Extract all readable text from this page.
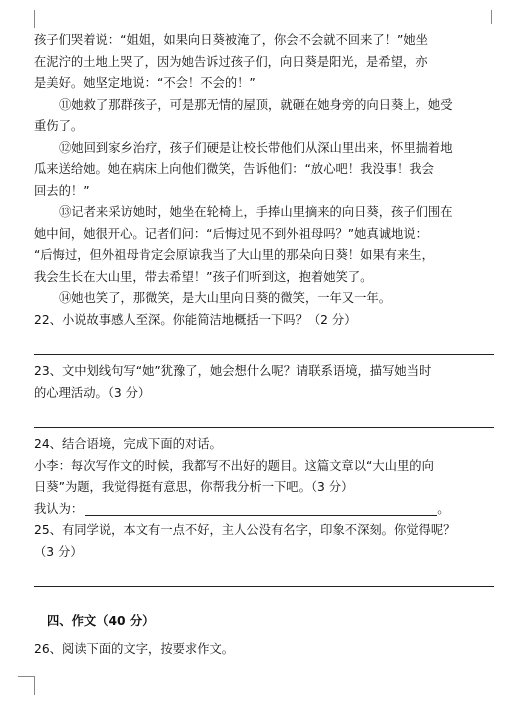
孩子们哭着说：“姐姐，如果向日葵被淹了，你会不会就不回来了！”她坐
在泥泞的土地上哭了，因为她告诉过孩子们，向日葵是阳光，是希望，亦
是美好。她坚定地说：“不会！不会的！”
⑪她救了那群孩子，可是那无情的屋顶，就砸在她身旁的向日葵上，她受
重伤了。
⑫她回到家乡治疗，孩子们硬是让校长带他们从深山里出来，怀里揣着地
瓜来送给她。她在病床上向他们微笑，告诉他们：“放心吧！我没事！我会
回去的！”
⑬记者来采访她时，她坐在轮椅上，手捧山里摘来的向日葵，孩子们围在
她中间，她很开心。记者们问：“后悔过见不到外祖母吗？”她真诚地说：
“后悔过，但外祖母肯定会原谅我当了大山里的那朵向日葵！如果有来生，
我会生长在大山里，带去希望！”孩子们听到这，抱着她笑了。
⑭她也笑了，那微笑，是大山里向日葵的微笑，一年又一年。
22、小说故事感人至深。你能简洁地概括一下吗？（2 分）
23、文中划线句写“她”犹豫了，她会想什么呢？请联系语境，描写她当时
的心理活动。（3 分）
24、结合语境，完成下面的对话。
小李：每次写作文的时候，我都写不出好的题目。这篇文章以“大山里的向
日葵”为题，我觉得挺有意思，你帮我分析一下吧。（3 分）
我认为：	。
25、有同学说，本文有一点不好，主人公没有名字，印象不深刻。你觉得呢？
（3 分）
四、作文（40 分）
26、阅读下面的文字，按要求作文。
